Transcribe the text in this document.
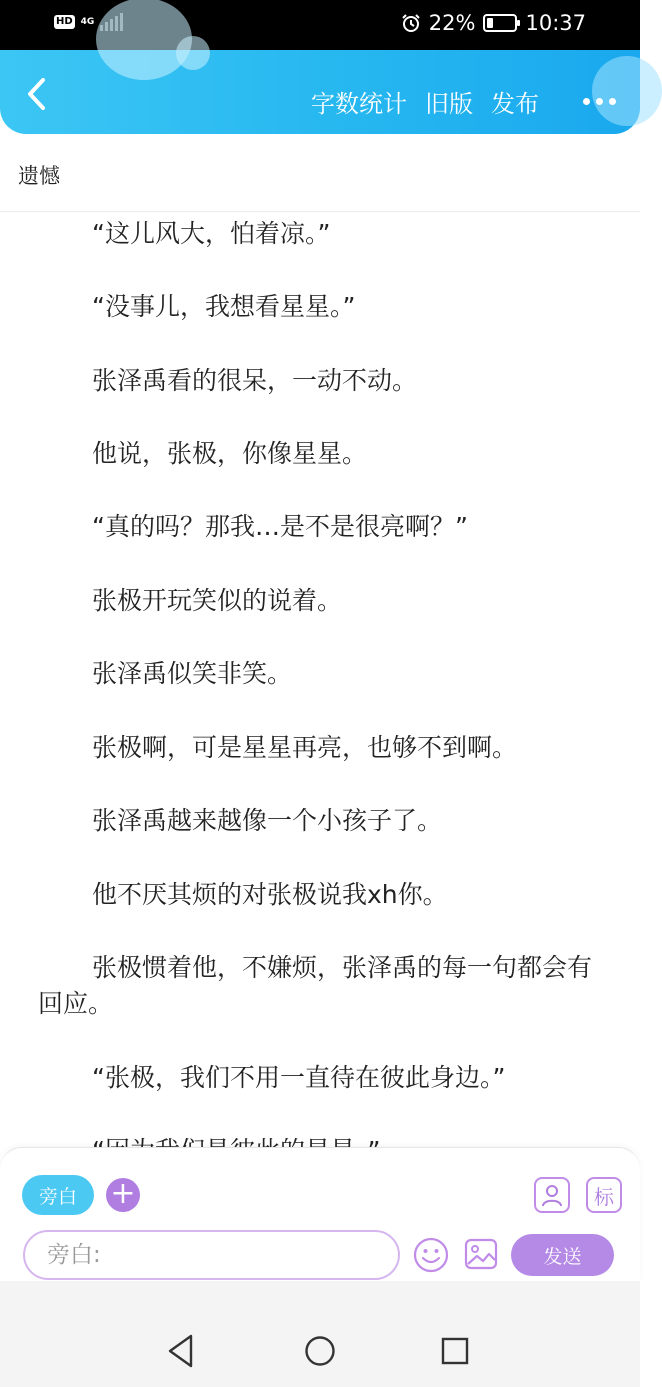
HD 4G	22% 10:37
字数统计 旧版 发布
遗憾

“这儿风大，怕着凉。”

“没事儿，我想看星星。”

张泽禹看的很呆，一动不动。

他说，张极，你像星星。

“真的吗？那我…是不是很亮啊？”

张极开玩笑似的说着。

张泽禹似笑非笑。

张极啊，可是星星再亮，也够不到啊。

张泽禹越来越像一个小孩子了。

他不厌其烦的对张极说我xh你。

张极惯着他，不嫌烦，张泽禹的每一句都会有回应。

“张极，我们不用一直待在彼此身边。”

旁白	+	标
旁白:
发送
